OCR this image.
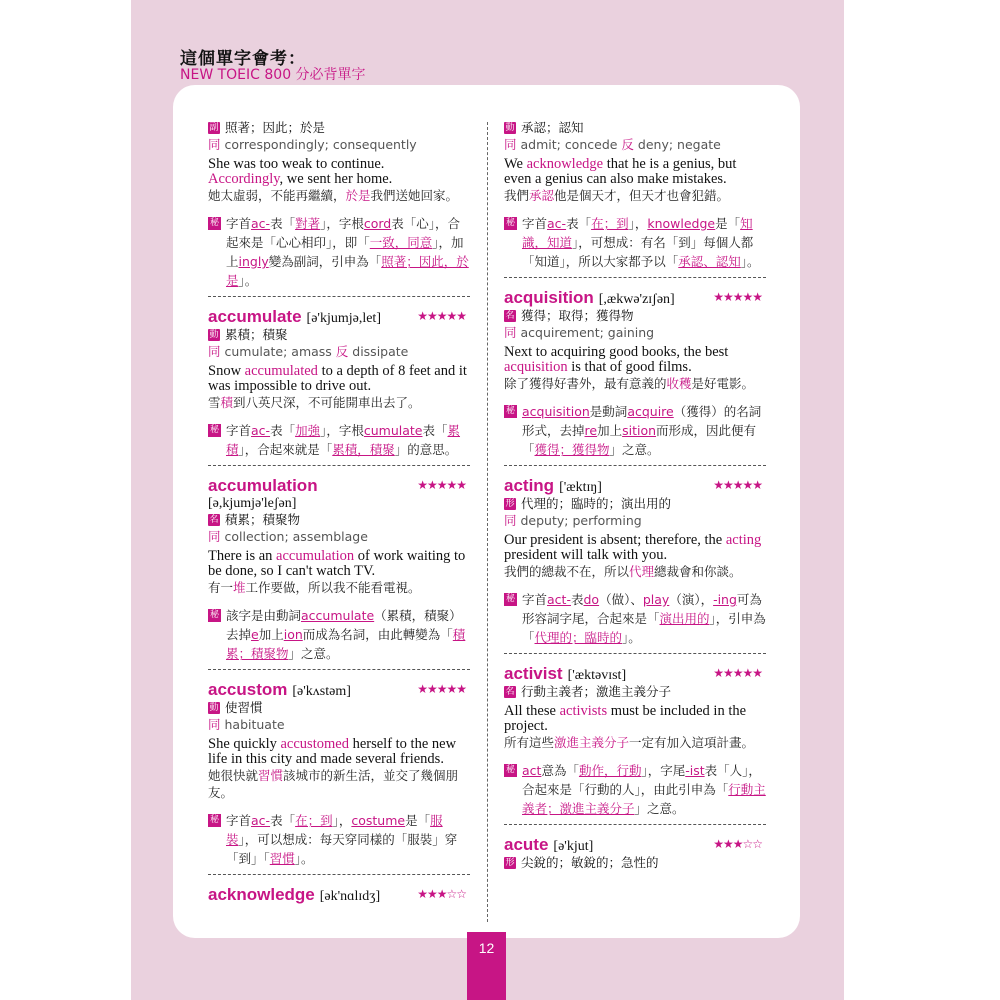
這個單字會考：
NEW TOEIC 800 分必背單字
副 照著；因此；於是
同 correspondingly; consequently
She was too weak to continue.
Accordingly, we sent her home.
她太虛弱，不能再繼續，於是我們送她回家。
秘 字首ac-表「對著」，字根cord表「心」，合起來是「心心相印」，即「一致，同意」，加上ingly變為副詞，引申為「照著；因此，於是」。
accumulate [ə'kjumjə,let]	★★★★★
動 累積；積聚
同 cumulate; amass 反 dissipate
Snow accumulated to a depth of 8 feet and it was impossible to drive out.
雪積到八英尺深，不可能開車出去了。
秘 字首ac-表「加強」，字根cumulate表「累積」，合起來就是「累積，積聚」的意思。
accumulation
[ə,kjumjə'leʃən]
★★★★★
名 積累；積聚物
同 collection; assemblage
There is an accumulation of work waiting to be done, so I can't watch TV.
有一堆工作要做，所以我不能看電視。
秘 該字是由動詞accumulate（累積，積聚）去掉e加上ion而成為名詞，由此轉變為「積累；積聚物」之意。
accustom [ə'kʌstəm]	★★★★★
動 使習慣
同 habituate
She quickly accustomed herself to the new life in this city and made several friends.
她很快就習慣該城市的新生活，並交了幾個朋友。
秘 字首ac-表「在；到」，costume是「服裝」，可以想成：每天穿同樣的「服裝」穿「到」「習慣」。
acknowledge [ək'nɑlɪdʒ]	★★★☆☆
動 承認；認知
同 admit; concede 反 deny; negate
We acknowledge that he is a genius, but even a genius can also make mistakes.
我們承認他是個天才，但天才也會犯錯。
秘 字首ac-表「在；到」，knowledge是「知識，知道」，可想成：有名「到」每個人都「知道」，所以大家都予以「承認、認知」。
acquisition [,ækwə'zɪʃən]	★★★★★
名 獲得；取得；獲得物
同 acquirement; gaining
Next to acquiring good books, the best acquisition is that of good films.
除了獲得好書外，最有意義的收穫是好電影。
秘 acquisition是動詞acquire（獲得）的名詞形式，去掉re加上sition而形成，因此便有「獲得；獲得物」之意。
acting ['æktɪŋ]	★★★★★
形 代理的；臨時的；演出用的
同 deputy; performing
Our president is absent; therefore, the acting president will talk with you.
我們的總裁不在，所以代理總裁會和你談。
秘 字首act-表do（做）、play（演），-ing可為形容詞字尾，合起來是「演出用的」，引申為「代理的；臨時的」。
activist ['æktəvɪst]	★★★★★
名 行動主義者；激進主義分子
All these activists must be included in the project.
所有這些激進主義分子一定有加入這項計畫。
秘 act意為「動作，行動」，字尾-ist表「人」，合起來是「行動的人」，由此引申為「行動主義者；激進主義分子」之意。
acute [ə'kjut]	★★★☆☆
形 尖銳的；敏銳的；急性的
12
